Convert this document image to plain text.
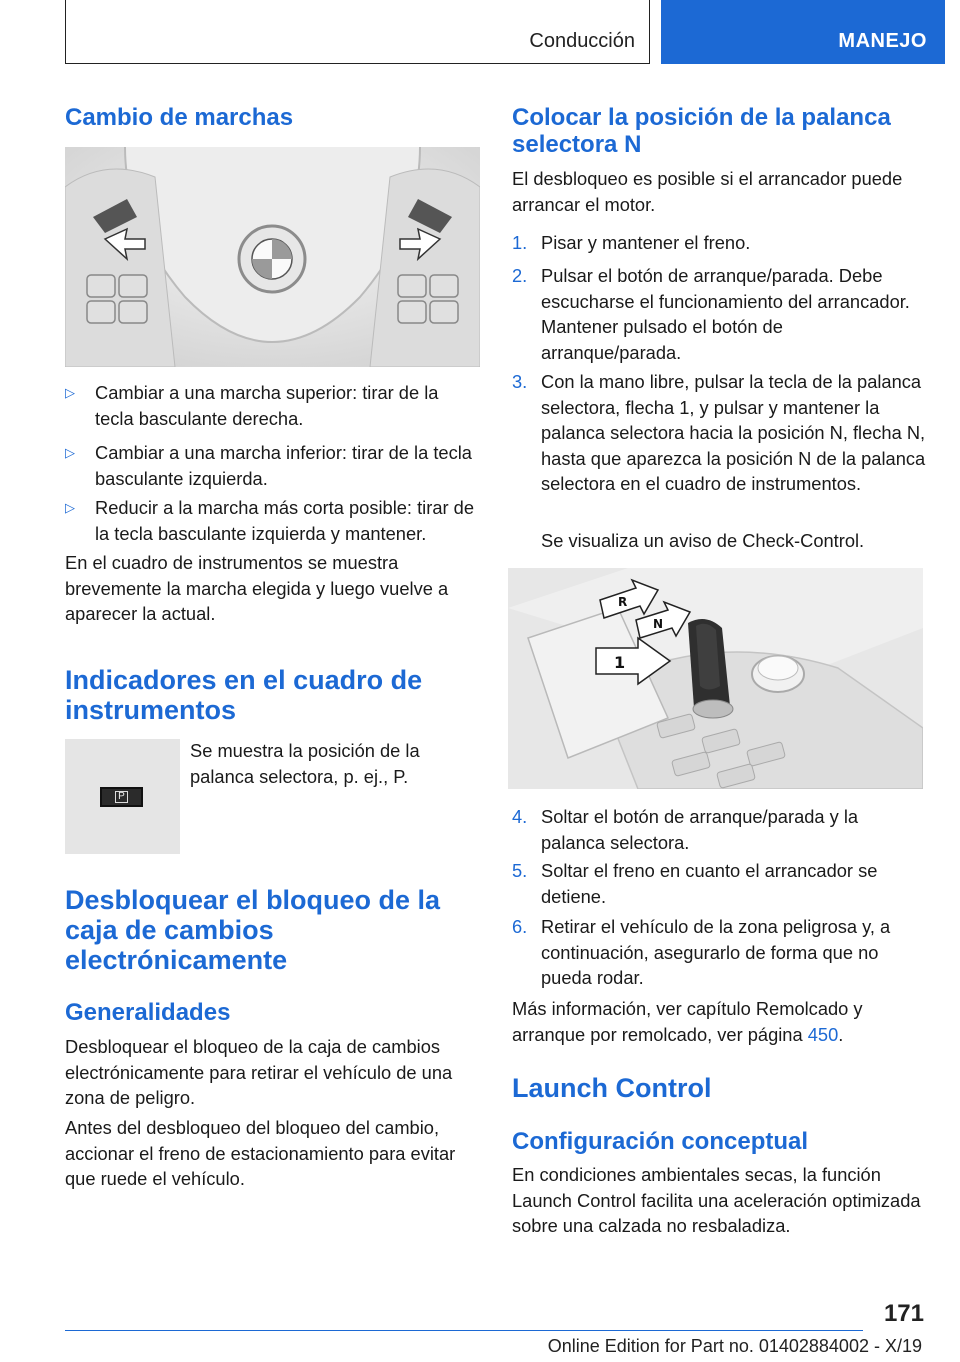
Conducción	MANEJO
Cambio de marchas
▷ Cambiar a una marcha superior: tirar de la tecla basculante derecha.
▷ Cambiar a una marcha inferior: tirar de la tecla basculante izquierda.
▷ Reducir a la marcha más corta posible: tirar de la tecla basculante izquierda y mantener.
En el cuadro de instrumentos se muestra brevemente la marcha elegida y luego vuelve a aparecer la actual.
Indicadores en el cuadro de instrumentos
P
Se muestra la posición de la palanca selectora, p. ej., P.
Desbloquear el bloqueo de la caja de cambios electrónicamente
Generalidades
Desbloquear el bloqueo de la caja de cambios electrónicamente para retirar el vehículo de una zona de peligro.
Antes del desbloqueo del bloqueo del cambio, accionar el freno de estacionamiento para evitar que ruede el vehículo.
Colocar la posición de la palanca selectora N
El desbloqueo es posible si el arrancador puede arrancar el motor.
1. Pisar y mantener el freno.
2. Pulsar el botón de arranque/parada. Debe escucharse el funcionamiento del arrancador. Mantener pulsado el botón de arranque/parada.
3. Con la mano libre, pulsar la tecla de la palanca selectora, flecha 1, y pulsar y mantener la palanca selectora hacia la posición N, flecha N, hasta que aparezca la posición N de la palanca selectora en el cuadro de instrumentos.
Se visualiza un aviso de Check-Control.
R
N
1
4. Soltar el botón de arranque/parada y la palanca selectora.
5. Soltar el freno en cuanto el arrancador se detiene.
6. Retirar el vehículo de la zona peligrosa y, a continuación, asegurarlo de forma que no pueda rodar.
Más información, ver capítulo Remolcado y arranque por remolcado, ver página 450.
Launch Control
Configuración conceptual
En condiciones ambientales secas, la función Launch Control facilita una aceleración optimizada sobre una calzada no resbaladiza.
171
Online Edition for Part no. 01402884002 - X/19
